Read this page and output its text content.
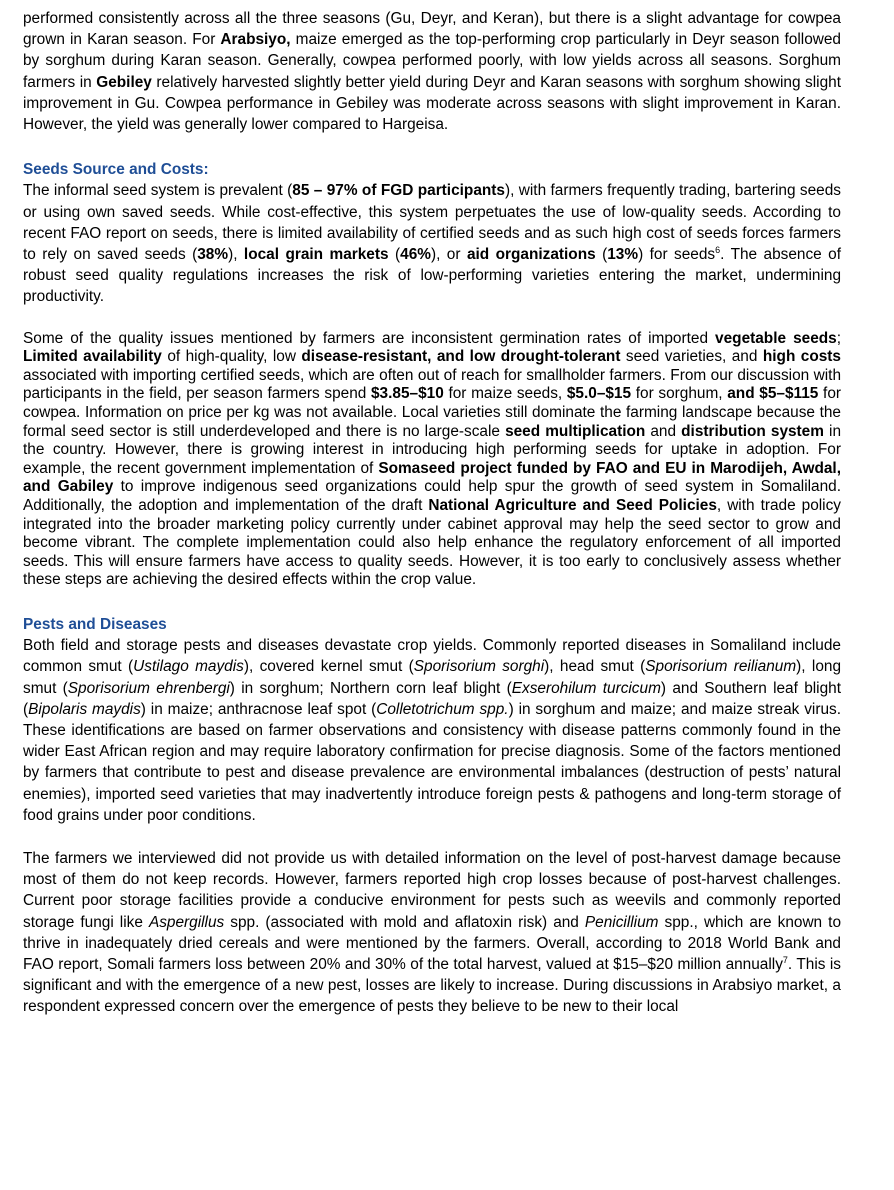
performed consistently across all the three seasons (Gu, Deyr, and Keran), but there is a slight advantage for cowpea grown in Karan season. For Arabsiyo, maize emerged as the top-performing crop particularly in Deyr season followed by sorghum during Karan season. Generally, cowpea performed poorly, with low yields across all seasons. Sorghum farmers in Gebiley relatively harvested slightly better yield during Deyr and Karan seasons with sorghum showing slight improvement in Gu. Cowpea performance in Gebiley was moderate across seasons with slight improvement in Karan. However, the yield was generally lower compared to Hargeisa.

Seeds Source and Costs:

The informal seed system is prevalent (85 – 97% of FGD participants), with farmers frequently trading, bartering seeds or using own saved seeds. While cost-effective, this system perpetuates the use of low-quality seeds. According to recent FAO report on seeds, there is limited availability of certified seeds and as such high cost of seeds forces farmers to rely on saved seeds (38%), local grain markets (46%), or aid organizations (13%) for seeds$^6$. The absence of robust seed quality regulations increases the risk of low-performing varieties entering the market, undermining productivity.

Some of the quality issues mentioned by farmers are inconsistent germination rates of imported vegetable seeds; Limited availability of high-quality, low disease-resistant, and low drought-tolerant seed varieties, and high costs associated with importing certified seeds, which are often out of reach for smallholder farmers. From our discussion with participants in the field, per season farmers spend $3.85–$10 for maize seeds, $5.0–$15 for sorghum, and $5–$115 for cowpea. Information on price per kg was not available. Local varieties still dominate the farming landscape because the formal seed sector is still underdeveloped and there is no large-scale seed multiplication and distribution system in the country. However, there is growing interest in introducing high performing seeds for uptake in adoption. For example, the recent government implementation of Somaseed project funded by FAO and EU in Marodijeh, Awdal, and Gabiley to improve indigenous seed organizations could help spur the growth of seed system in Somaliland. Additionally, the adoption and implementation of the draft National Agriculture and Seed Policies, with trade policy integrated into the broader marketing policy currently under cabinet approval may help the seed sector to grow and become vibrant. The complete implementation could also help enhance the regulatory enforcement of all imported seeds. This will ensure farmers have access to quality seeds. However, it is too early to conclusively assess whether these steps are achieving the desired effects within the crop value.

Pests and Diseases

Both field and storage pests and diseases devastate crop yields. Commonly reported diseases in Somaliland include common smut (Ustilago maydis), covered kernel smut (Sporisorium sorghi), head smut (Sporisorium reilianum), long smut (Sporisorium ehrenbergi) in sorghum; Northern corn leaf blight (Exserohilum turcicum) and Southern leaf blight (Bipolaris maydis) in maize; anthracnose leaf spot (Colletotrichum spp.) in sorghum and maize; and maize streak virus. These identifications are based on farmer observations and consistency with disease patterns commonly found in the wider East African region and may require laboratory confirmation for precise diagnosis. Some of the factors mentioned by farmers that contribute to pest and disease prevalence are environmental imbalances (destruction of pests’ natural enemies), imported seed varieties that may inadvertently introduce foreign pests & pathogens and long-term storage of food grains under poor conditions.

The farmers we interviewed did not provide us with detailed information on the level of post-harvest damage because most of them do not keep records. However, farmers reported high crop losses because of post-harvest challenges. Current poor storage facilities provide a conducive environment for pests such as weevils and commonly reported storage fungi like Aspergillus spp. (associated with mold and aflatoxin risk) and Penicillium spp., which are known to thrive in inadequately dried cereals and were mentioned by the farmers. Overall, according to 2018 World Bank and FAO report, Somali farmers loss between 20% and 30% of the total harvest, valued at $15–$20 million annually$^7$. This is significant and with the emergence of a new pest, losses are likely to increase. During discussions in Arabsiyo market, a respondent expressed concern over the emergence of pests they believe to be new to their local
